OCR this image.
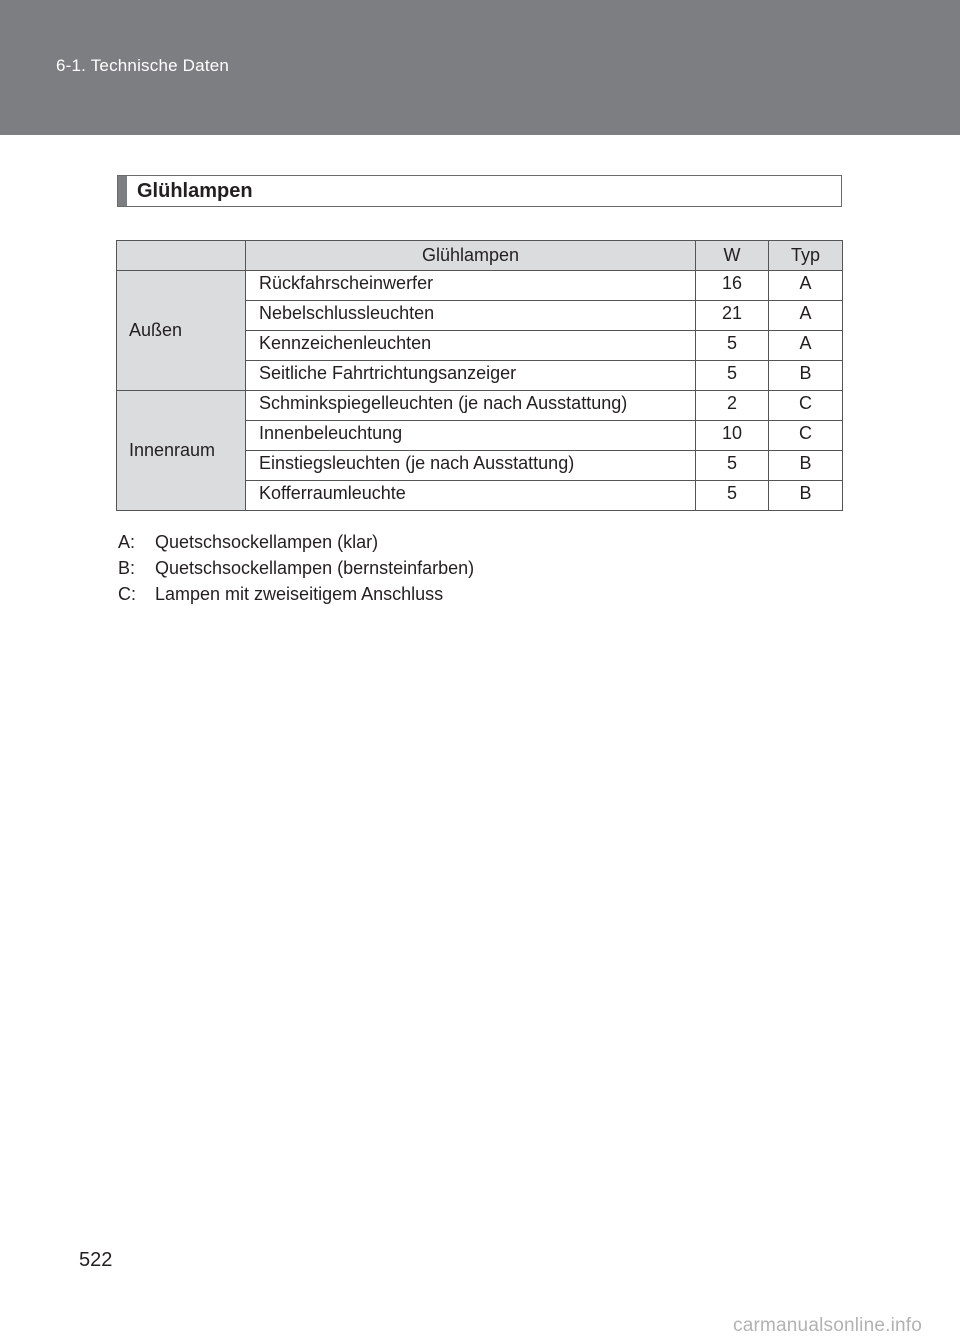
6-1. Technische Daten
Glühlampen
	Glühlampen	W	Typ
Außen	Rückfahrscheinwerfer	16	A
	Nebelschlussleuchten	21	A
	Kennzeichenleuchten	5	A
	Seitliche Fahrtrichtungsanzeiger	5	B
Innenraum	Schminkspiegelleuchten (je nach Ausstattung)	2	C
	Innenbeleuchtung	10	C
	Einstiegsleuchten (je nach Ausstattung)	5	B
	Kofferraumleuchte	5	B
A:	Quetschsockellampen (klar)
B:	Quetschsockellampen (bernsteinfarben)
C:	Lampen mit zweiseitigem Anschluss
522
carmanualsonline.info
